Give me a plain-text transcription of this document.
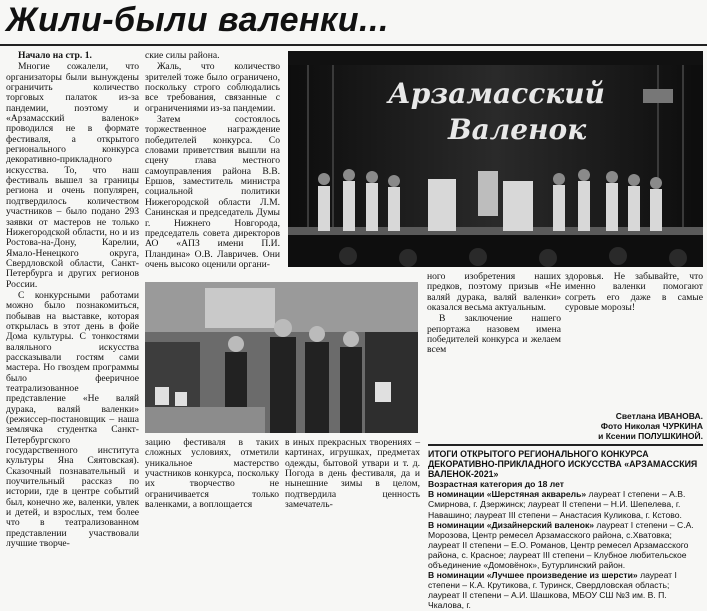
Жили-были валенки...

Начало на стр. 1.

Многие сожалели, что организаторы были вынуждены ограничить количество торговых палаток из-за пандемии, поэтому и «Арзамасский валенок» проводился не в формате фестиваля, а открытого регионального конкурса декоративно-прикладного искусства. То, что наш фестиваль вышел за границы региона и очень популярен, подтвердилось количеством участников – было подано 293 заявки от мастеров не только Нижегородской области, но и из Ростова-на-Дону, Карелии, Ямало-Ненецкого округа, Свердловской области, Санкт-Петербурга и других регионов России.

С конкурсными работами можно было познакомиться, побывав на выставке, которая открылась в этот день в фойе Дома культуры. С тонкостями валяльного искусства рассказывали гостям сами мастера. Но гвоздем программы было фееричное театрализованное представление «Не валяй дурака, валяй валенки» (режиссер-постановщик – наша землячка студентка Санкт-Петербургского государственного института культуры Яна Сяятовская). Сказочный познавательный и поучительный рассказ по истории, где в центре событий был, конечно же, валенки, увлек и детей, и взрослых, тем более что в театрализованном представлении участвовали лучшие творче-

ские силы района.

Жаль, что количество зрителей тоже было ограничено, поскольку строго соблюдались все требования, связанные с ограничениями из-за пандемии.

Затем состоялось торжественное награждение победителей конкурса. Со словами приветствия вышли на сцену глава местного самоуправления района В.В. Ершов, заместитель министра социальной политики Нижегородской области Л.М. Санинская и председатель Думы г. Нижнего Новгорода, председатель совета директоров АО «АПЗ имени П.И. Пландина» О.В. Лавричев. Они очень высоко оценили органи-

Арзамасский
Валенок

зацию фестиваля в таких сложных условиях, отметили уникальное мастерство участников конкурса, поскольку их творчество не ограничивается только валенками, а воплощается

в иных прекрасных творениях – картинах, игрушках, предметах одежды, бытовой утвари и т. д. Погода в день фестиваля, да и нынешние зимы в целом, подтвердила ценность замечатель-

ного изобретения наших предков, поэтому призыв «Не валяй дурака, валяй валенки» оказался весьма актуальным.

В заключение нашего репортажа назовем имена победителей конкурса и желаем всем

здоровья. Не забывайте, что именно валенки помогают согреть его даже в самые суровые морозы!

Светлана ИВАНОВА.
Фото Николая ЧУРКИНА
и Ксении ПОЛУШКИНОЙ.
ИТОГИ ОТКРЫТОГО РЕГИОНАЛЬНОГО КОНКУРСА ДЕКОРАТИВНО-ПРИКЛАДНОГО ИСКУССТВА «АРЗАМАССКИЯ ВАЛЕНОК-2021»
Возрастная категория до 18 лет
В номинации «Шерстяная акварель» лауреат I степени – А.В. Смирнова, г. Дзержинск; лауреат II степени – Н.И. Шепелева, г. Навашино; лауреат III степени – Анастасия Куликова, г. Кстово.
В номинации «Дизайнерский валенок» лауреат I степени – С.А. Морозова, Центр ремесел Арзамасского района, с.Хватовка; лауреат II степени – Е.О. Романов, Центр ремесел Арзамасского района, с. Красное; лауреат III степени – Клубное любительское объединение «Домовёнок», Бутурлинский район.
В номинации «Лучшее произведение из шерсти» лауреат I степени – К.А. Крутикова, г. Туринск, Свердловская область; лауреат II степени – А.И. Шашкова, МБОУ СШ №3 им. В. П. Чкалова, г.
